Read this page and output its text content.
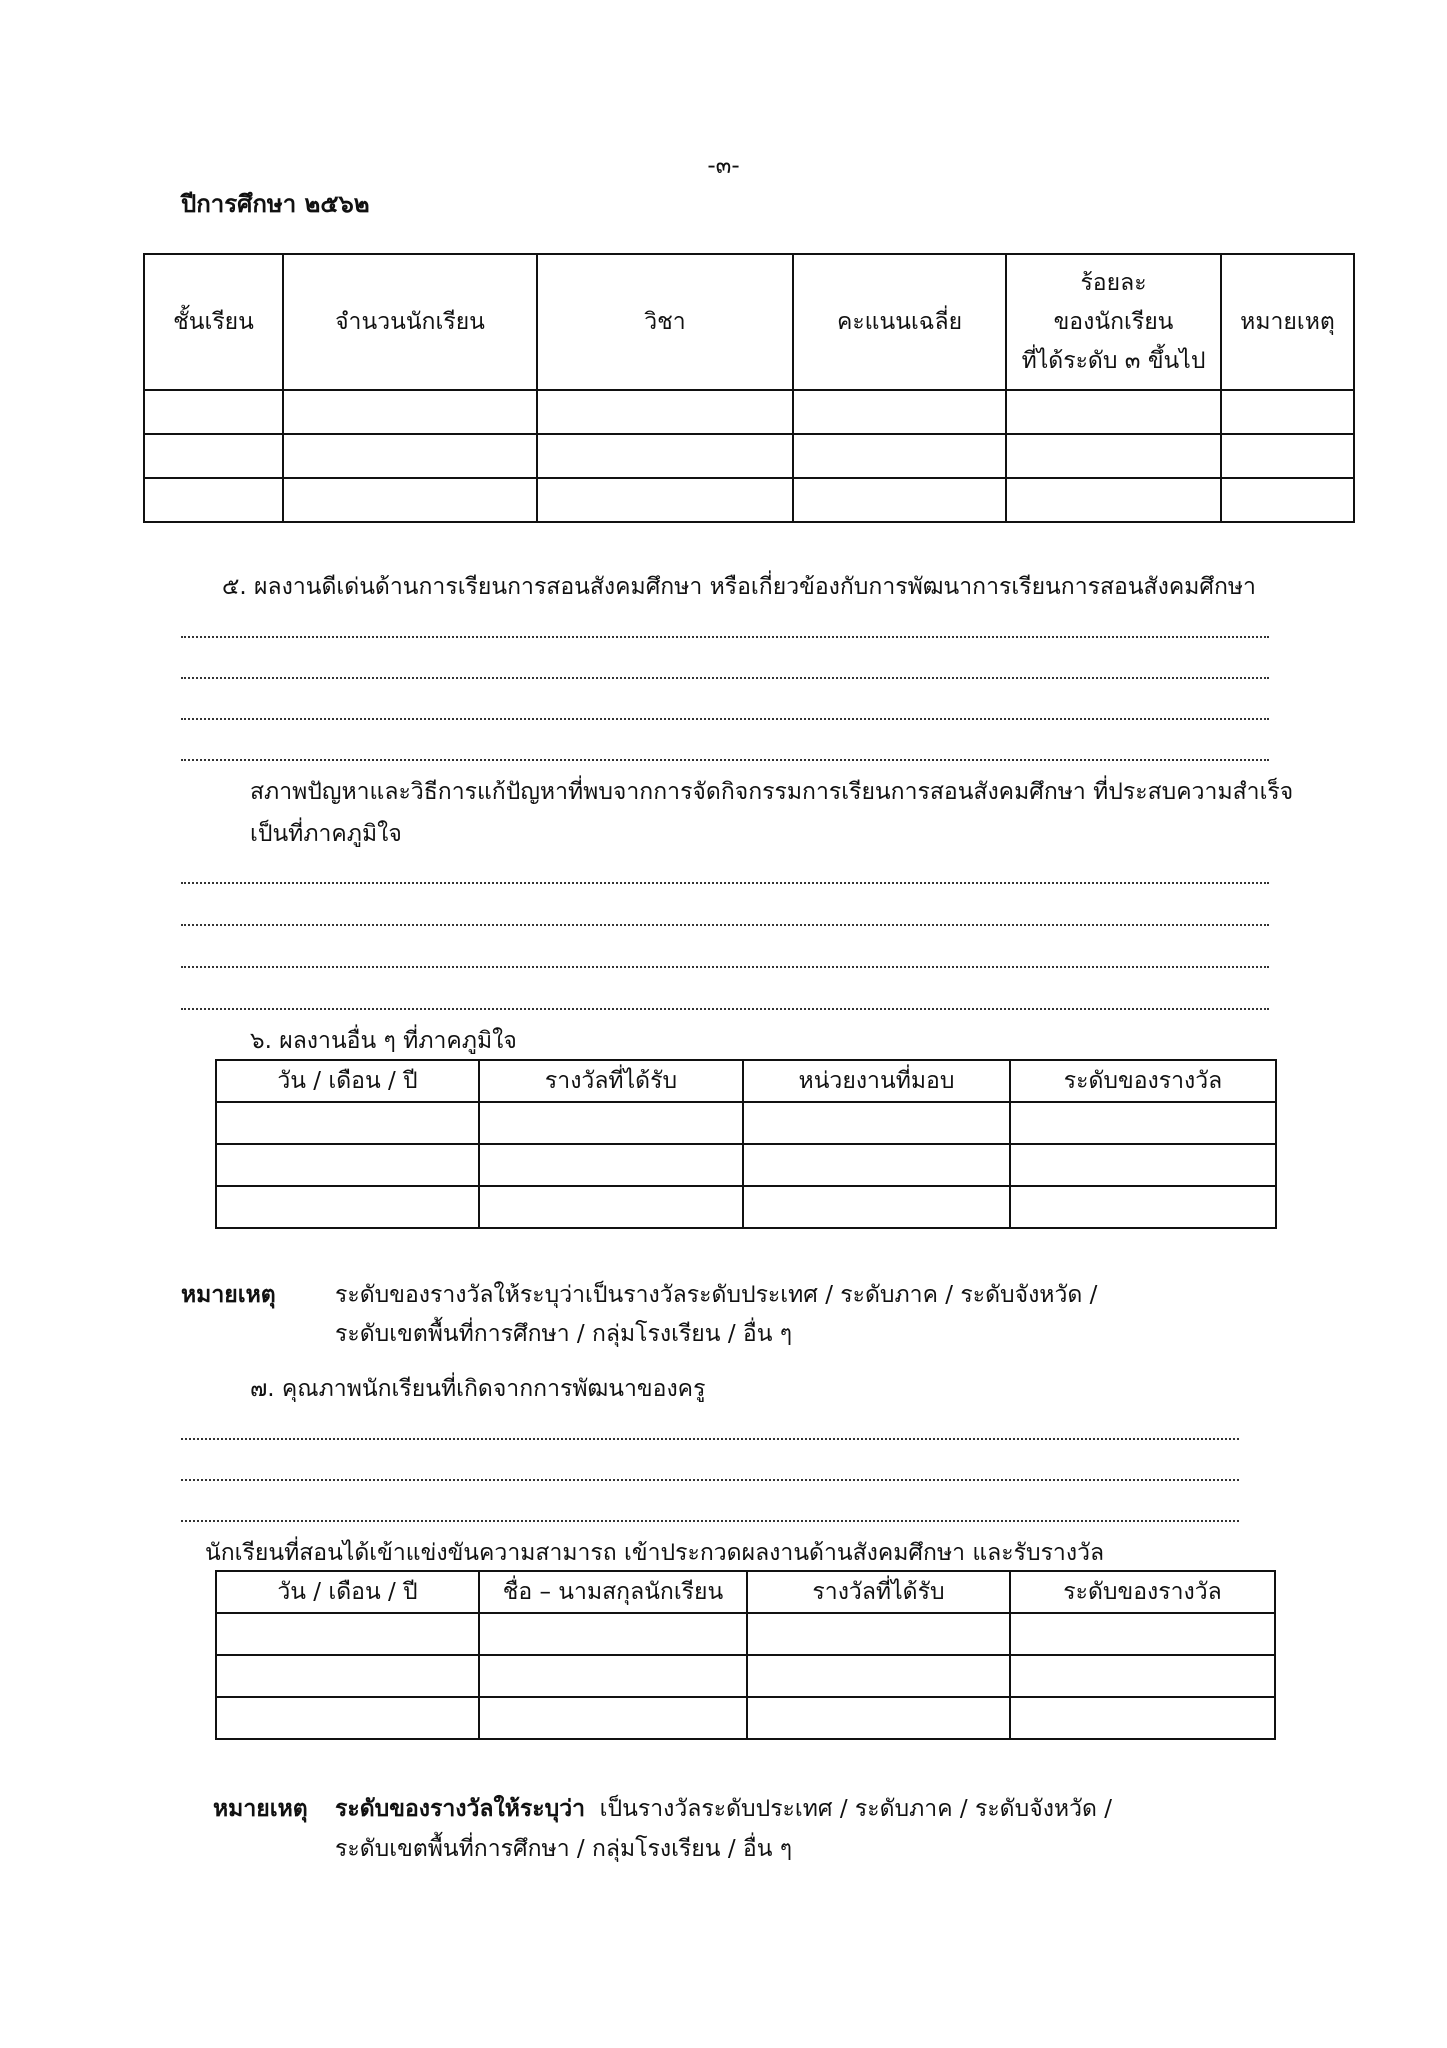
-๓-
ปีการศึกษา ๒๕๖๒
ชั้นเรียน	จำนวนนักเรียน	วิชา	คะแนนเฉลี่ย	ร้อยละ
ของนักเรียน
ที่ได้ระดับ ๓ ขึ้นไป	หมายเหตุ

๕. ผลงานดีเด่นด้านการเรียนการสอนสังคมศึกษา หรือเกี่ยวข้องกับการพัฒนาการเรียนการสอนสังคมศึกษา
สภาพปัญหาและวิธีการแก้ปัญหาที่พบจากการจัดกิจกรรมการเรียนการสอนสังคมศึกษา ที่ประสบความสำเร็จ
เป็นที่ภาคภูมิใจ
๖. ผลงานอื่น ๆ ที่ภาคภูมิใจ
วัน / เดือน / ปี	รางวัลที่ได้รับ	หน่วยงานที่มอบ	ระดับของรางวัล

หมายเหตุ	ระดับของรางวัลให้ระบุว่าเป็นรางวัลระดับประเทศ / ระดับภาค / ระดับจังหวัด /
ระดับเขตพื้นที่การศึกษา / กลุ่มโรงเรียน / อื่น ๆ
๗. คุณภาพนักเรียนที่เกิดจากการพัฒนาของครู
นักเรียนที่สอนได้เข้าแข่งขันความสามารถ เข้าประกวดผลงานด้านสังคมศึกษา และรับรางวัล
วัน / เดือน / ปี	ชื่อ – นามสกุลนักเรียน	รางวัลที่ได้รับ	ระดับของรางวัล

หมายเหตุ ระดับของรางวัลให้ระบุว่า  เป็นรางวัลระดับประเทศ / ระดับภาค / ระดับจังหวัด /
ระดับเขตพื้นที่การศึกษา / กลุ่มโรงเรียน / อื่น ๆ
